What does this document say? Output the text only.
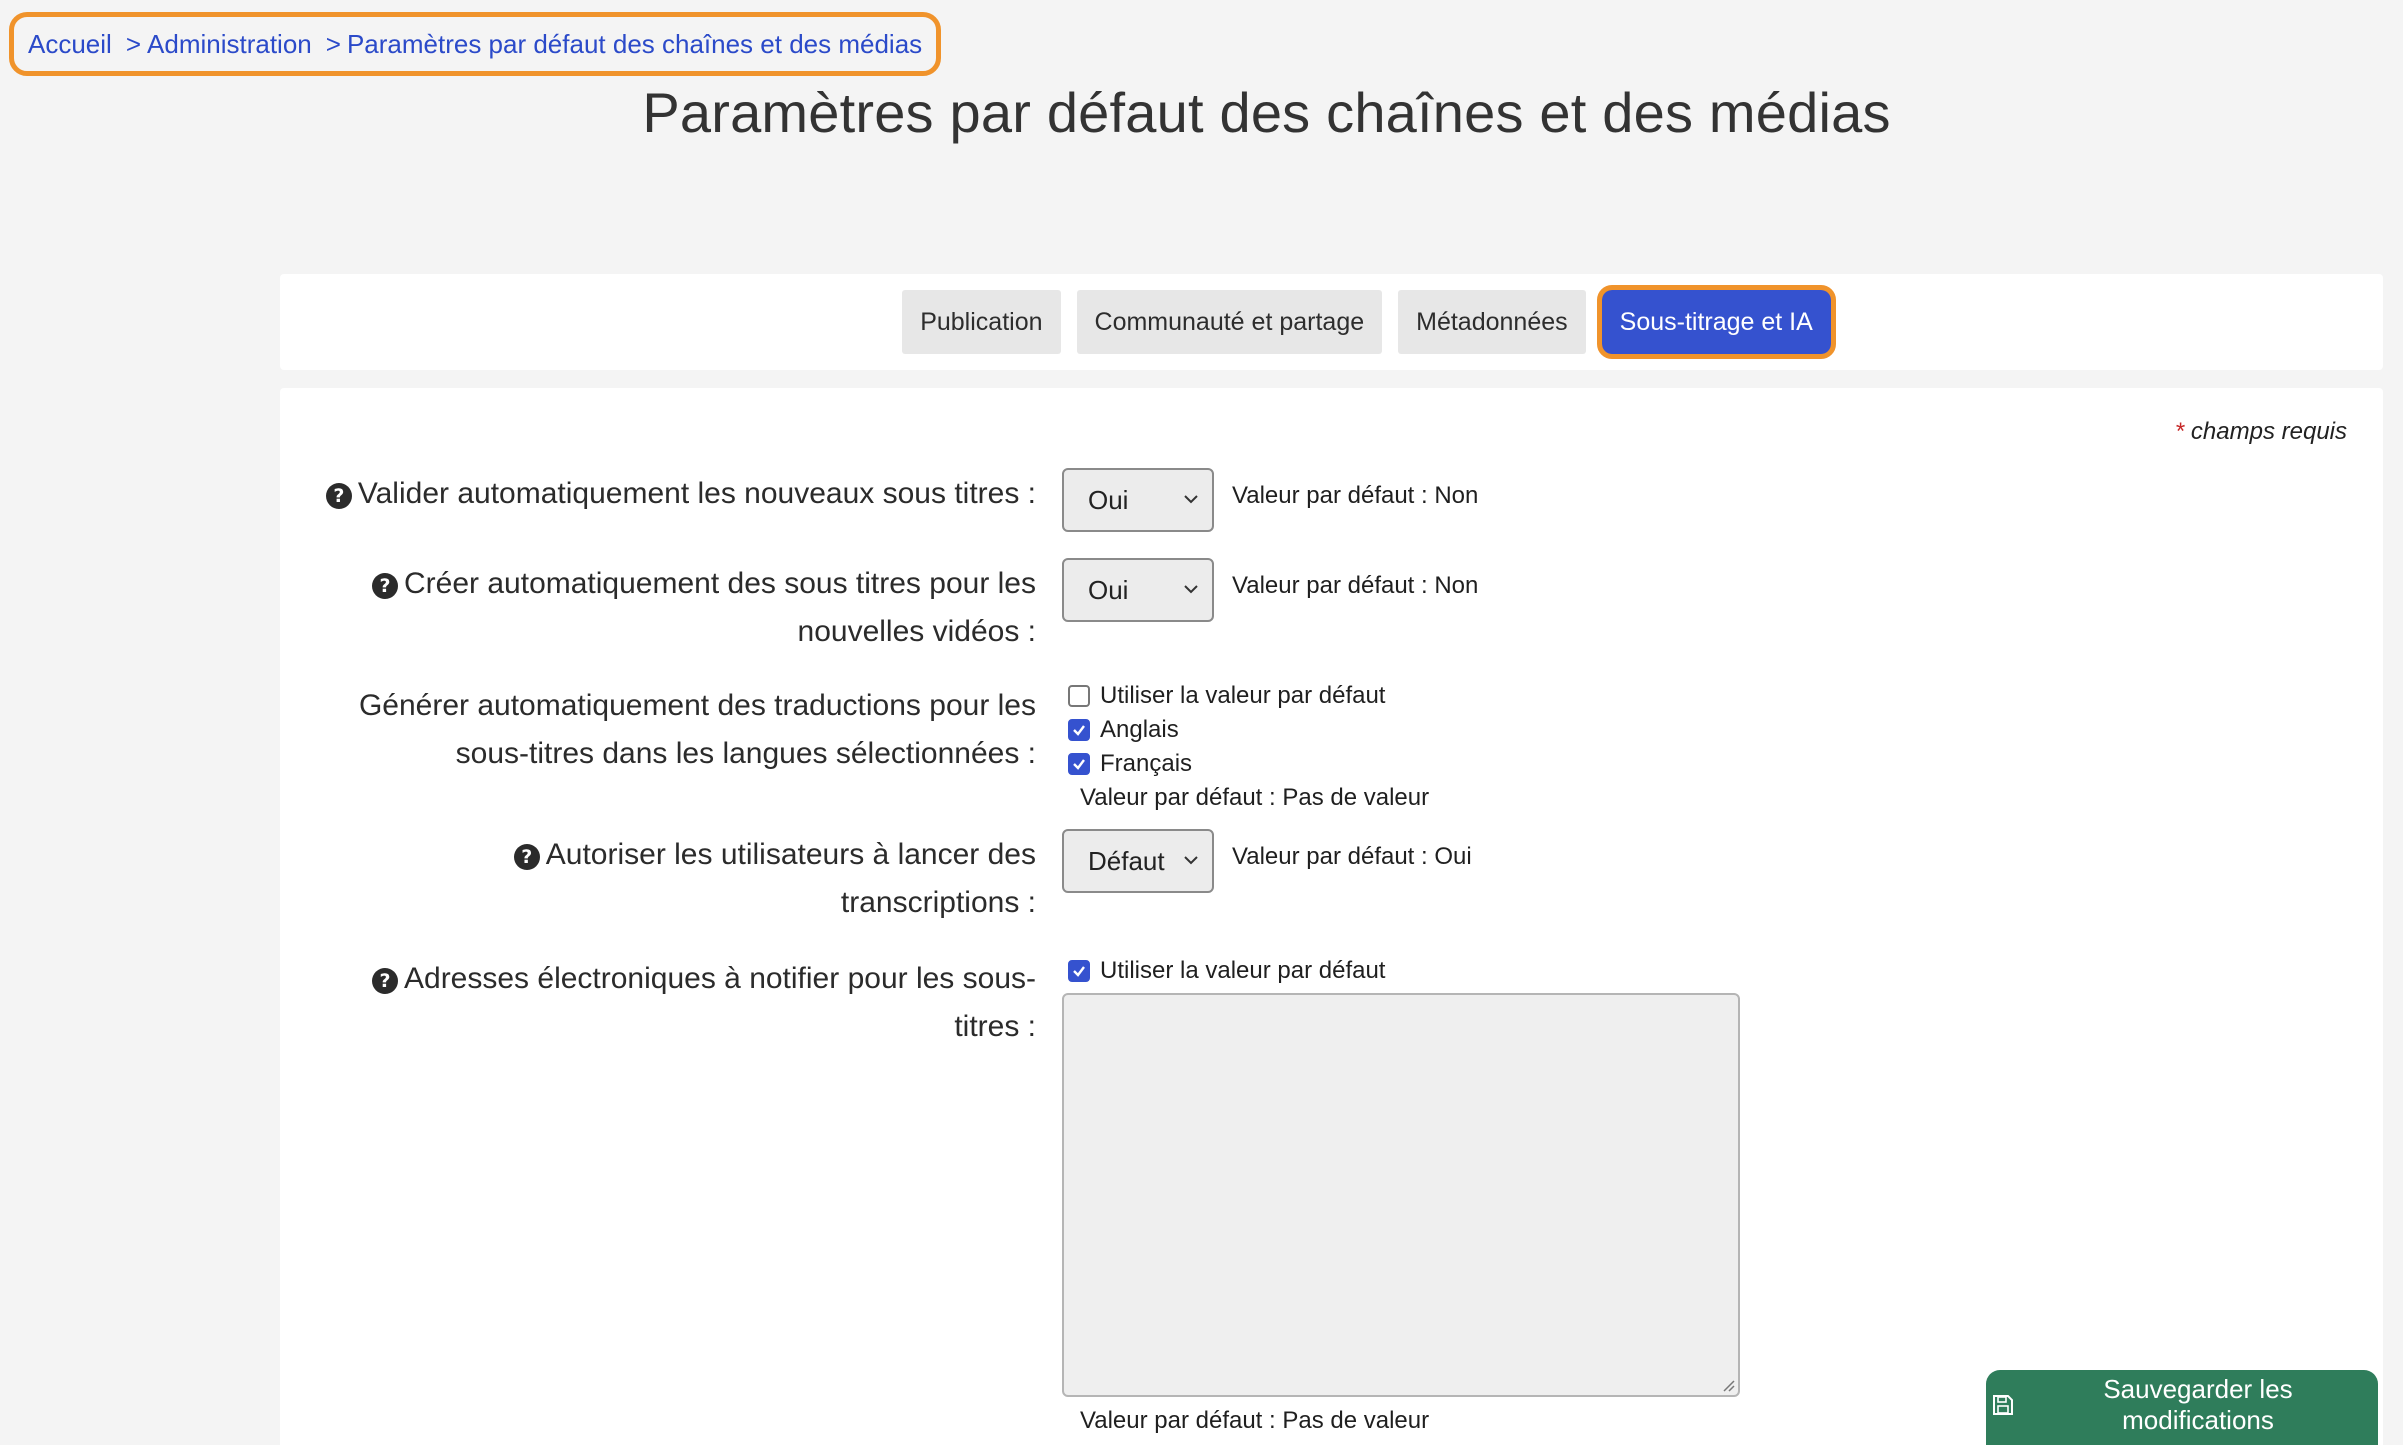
Accueil > Administration > Paramètres par défaut des chaînes et des médias
Paramètres par défaut des chaînes et des médias
Publication	Communauté et partage	Métadonnées	Sous-titrage et IA
* champs requis
? Valider automatiquement les nouveaux sous titres : Oui	Valeur par défaut : Non
? Créer automatiquement des sous titres pour les
nouvelles vidéos :
Oui	Valeur par défaut : Non
Générer automatiquement des traductions pour les
sous-titres dans les langues sélectionnées :
Utiliser la valeur par défaut
Anglais
Français
Valeur par défaut : Pas de valeur
? Autoriser les utilisateurs à lancer des
transcriptions :
Défaut	Valeur par défaut : Oui
? Adresses électroniques à notifier pour les sous-
titres :
Utiliser la valeur par défaut
Valeur par défaut : Pas de valeur
Sauvegarder les modifications
